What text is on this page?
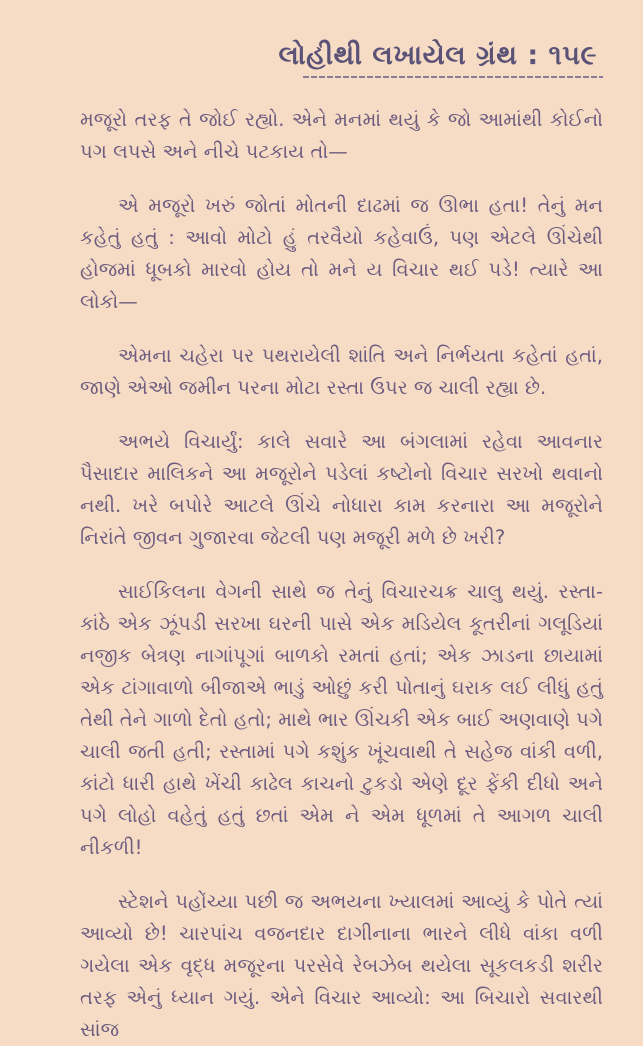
લોહીથી લખાયેલ ગ્રંથ : ૧૫૯

મજૂરો તરફ તે જોઈ રહ્યો. એને મનમાં થયું કે જો આમાંથી કોઈનો પગ લપસે અને નીચે પટકાય તો—

એ મજૂરો ખરું જોતાં મોતની દાઢમાં જ ઊભા હતા! તેનું મન કહેતું હતું : આવો મોટો હું તરવૈયો કહેવાઉં, પણ એટલે ઊંચેથી હોજમાં ધૂબકો મારવો હોય તો મને ય વિચાર થઈ પડે! ત્યારે આ લોકો—

એમના ચહેરા પર પથરાયેલી શાંતિ અને નિર્ભયતા કહેતાં હતાં, જાણે એઓ જમીન પરના મોટા રસ્તા ઉપર જ ચાલી રહ્યા છે.

અભયે વિચાર્યું: કાલે સવારે આ બંગલામાં રહેવા આવનાર પૈસાદાર માલિકને આ મજૂરોને પડેલાં કષ્ટોનો વિચાર સરખો થવાનો નથી. ખરે બપોરે આટલે ઊંચે નોધારા કામ કરનારા આ મજૂરોને નિરાંતે જીવન ગુજારવા જેટલી પણ મજૂરી મળે છે ખરી?

સાઈકિલના વેગની સાથે જ તેનું વિચારચક્ર ચાલુ થયું. રસ્તા-કાંઠે એક ઝૂંપડી સરખા ઘરની પાસે એક મડિયેલ કૂતરીનાં ગલૂડિયાં નજીક બેત્રણ નાગાંપૂગાં બાળકો રમતાં હતાં; એક ઝાડના છાયામાં એક ટાંગાવાળો બીજાએ ભાડું ઓછું કરી પોતાનું ઘરાક લઈ લીધું હતું તેથી તેને ગાળો દેતો હતો; માથે ભાર ઊંચકી એક બાઈ અણવાણે પગે ચાલી જતી હતી; રસ્તામાં પગે કશુંક ખૂંચવાથી તે સહેજ વાંકી વળી, કાંટો ધારી હાથે ખેંચી કાઢેલ કાચનો ટુકડો એણે દૂર ફેંકી દીધો અને પગે લોહો વહેતું હતું છતાં એમ ને એમ ધૂળમાં તે આગળ ચાલી નીકળી!

સ્ટેશને પહોંચ્યા પછી જ અભયના ખ્યાલમાં આવ્યું કે પોતે ત્યાં આવ્યો છે! ચારપાંચ વજનદાર દાગીનાના ભારને લીધે વાંકા વળી ગયેલા એક વૃદ્ધ મજૂરના પરસેવે રેબઝેબ થયેલા સૂકલકડી શરીર તરફ એનું ધ્યાન ગયું. એને વિચાર આવ્યો: આ બિચારો સવારથી સાંજ
